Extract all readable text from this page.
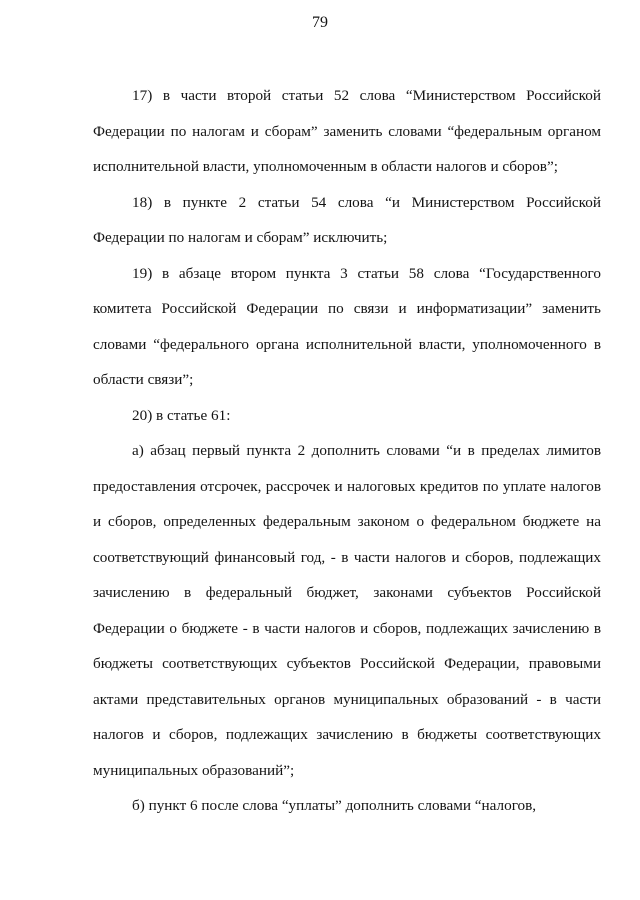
79

17) в части второй статьи 52 слова “Министерством Российской Федерации по налогам и сборам” заменить словами “федеральным органом исполнительной власти, уполномоченным в области налогов и сборов”;

18) в пункте 2 статьи 54 слова “и Министерством Российской Федерации по налогам и сборам” исключить;

19) в абзаце втором пункта 3 статьи 58 слова “Государственного комитета Российской Федерации по связи и информатизации” заменить словами “федерального органа исполнительной власти, уполномоченного в области связи”;

20) в статье 61:

а) абзац первый пункта 2 дополнить словами “и в пределах лимитов предоставления отсрочек, рассрочек и налоговых кредитов по уплате налогов и сборов, определенных федеральным законом о федеральном бюджете на соответствующий финансовый год, - в части налогов и сборов, подлежащих зачислению в федеральный бюджет, законами субъектов Российской Федерации о бюджете - в части налогов и сборов, подлежащих зачислению в бюджеты соответствующих субъектов Российской Федерации, правовыми актами представительных органов муниципальных образований - в части налогов и сборов, подлежащих зачислению в бюджеты соответствующих муниципальных образований”;

б) пункт 6 после слова “уплаты” дополнить словами “налогов,
